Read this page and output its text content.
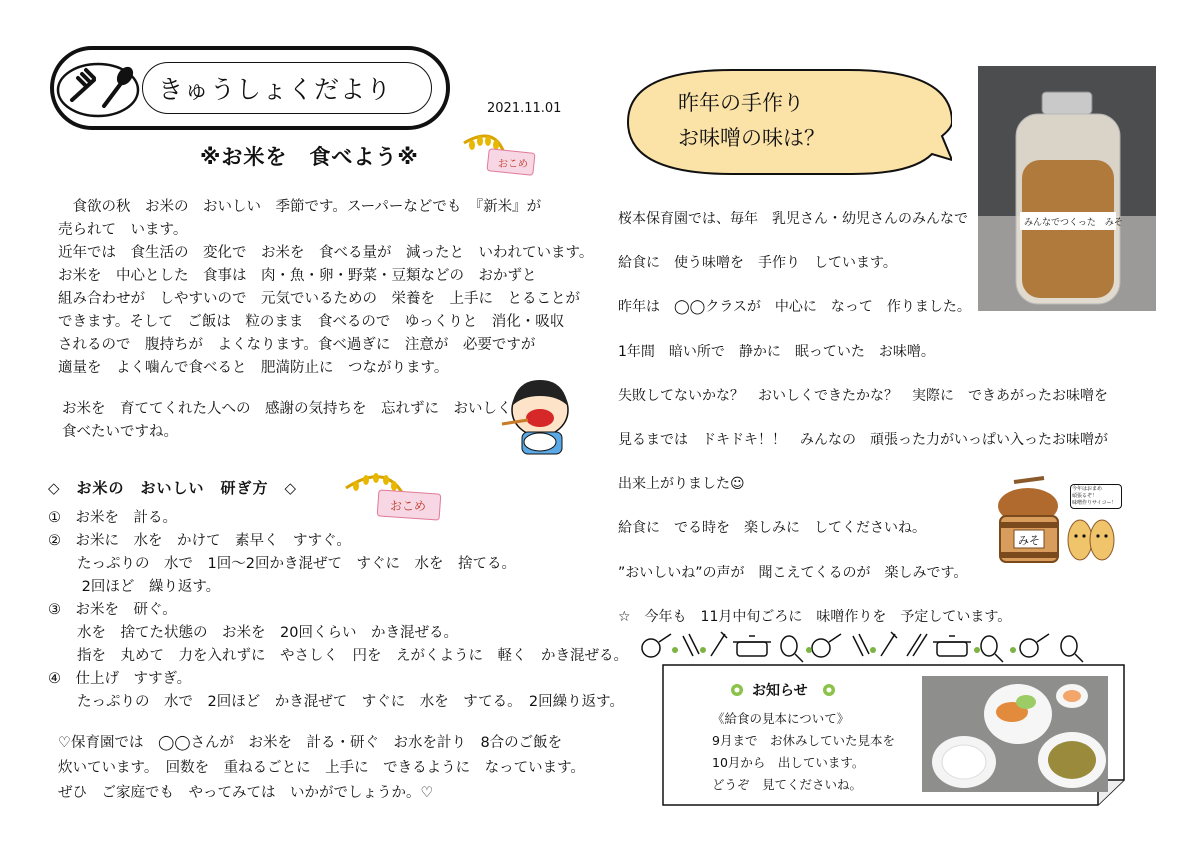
きゅうしょくだより
2021.11.01
※お米を　食べよう※	おこめ
　食欲の秋　お米の　おいしい　季節です。スーパーなどでも　『新米』が
売られて　います。
近年では　食生活の　変化で　お米を　食べる量が　減ったと　いわれています。
お米を　中心とした　食事は　肉・魚・卵・野菜・豆類などの　おかずと
組み合わせが　しやすいので　元気でいるための　栄養を　上手に　とることが
できます。そして　ご飯は　粒のまま　食べるので　ゆっくりと　消化・吸収
されるので　腹持ちが　よくなります。食べ過ぎに　注意が　必要ですが
適量を　よく噛んで食べると　肥満防止に　つながります。
お米を　育ててくれた人への　感謝の気持ちを　忘れずに　おいしく
食べたいですね。
◇　お米の　おいしい　研ぎ方　◇
おこめ
①　お米を　計る。
②　お米に　水を　かけて　素早く　すすぐ。
　　たっぷりの　水で　1回～2回かき混ぜて　すぐに　水を　捨てる。
　　 2回ほど　繰り返す。
③　お米を　研ぐ。
　　水を　捨てた状態の　お米を　20回くらい　かき混ぜる。
　　指を　丸めて　力を入れずに　やさしく　円を　えがくように　軽く　かき混ぜる。
④　仕上げ　すすぎ。
　　たっぷりの　水で　2回ほど　かき混ぜて　すぐに　水を　すてる。　2回繰り返す。
♡保育園では　◯◯さんが　お米を　計る・研ぐ　お水を計り　8合のご飯を
炊いています。　回数を　重ねるごとに　上手に　できるように　なっています。
ぜひ　ご家庭でも　やってみては　いかがでしょうか。♡
昨年の手作り
お味噌の味は？
みんなでつくった　みそ
桜本保育園では、毎年　乳児さん・幼児さんのみんなで
給食に　使う味噌を　手作り　しています。
昨年は　◯◯クラスが　中心に　なって　作りました。
1年間　暗い所で　静かに　眠っていた　お味噌。
失敗してないかな？　おいしくできたかな？　実際に　できあがったお味噌を
見るまでは　ドキドキ！！　みんなの　頑張った力がいっぱい入ったお味噌が
出来上がりました☺
給食に　でる時を　楽しみに　してくださいね。
”おいしいね”の声が　聞こえてくるのが　楽しみです。
☆　今年も　11月中旬ごろに　味噌作りを　予定しています。
みそ
今年はおまめ
頑張るぞ！
味噌作りサイコー！
お知らせ
《給食の見本について》
9月まで　お休みしていた見本を
10月から　出しています。
どうぞ　見てくださいね。
